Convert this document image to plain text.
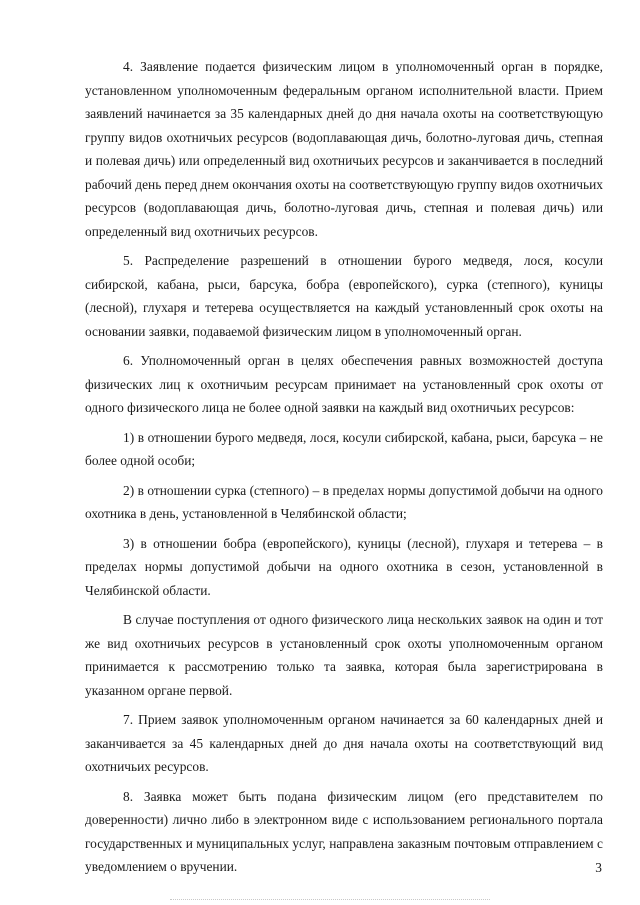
4. Заявление подается физическим лицом в уполномоченный орган в порядке, установленном уполномоченным федеральным органом исполнительной власти. Прием заявлений начинается за 35 календарных дней до дня начала охоты на соответствующую группу видов охотничьих ресурсов (водоплавающая дичь, болотно-луговая дичь, степная и полевая дичь) или определенный вид охотничьих ресурсов и заканчивается в последний рабочий день перед днем окончания охоты на соответствующую группу видов охотничьих ресурсов (водоплавающая дичь, болотно-луговая дичь, степная и полевая дичь) или определенный вид охотничьих ресурсов.

5. Распределение разрешений в отношении бурого медведя, лося, косули сибирской, кабана, рыси, барсука, бобра (европейского), сурка (степного), куницы (лесной), глухаря и тетерева осуществляется на каждый установленный срок охоты на основании заявки, подаваемой физическим лицом в уполномоченный орган.

6. Уполномоченный орган в целях обеспечения равных возможностей доступа физических лиц к охотничьим ресурсам принимает на установленный срок охоты от одного физического лица не более одной заявки на каждый вид охотничьих ресурсов:

1) в отношении бурого медведя, лося, косули сибирской, кабана, рыси, барсука – не более одной особи;

2) в отношении сурка (степного) – в пределах нормы допустимой добычи на одного охотника в день, установленной в Челябинской области;

3) в отношении бобра (европейского), куницы (лесной), глухаря и тетерева – в пределах нормы допустимой добычи на одного охотника в сезон, установленной в Челябинской области.

В случае поступления от одного физического лица нескольких заявок на один и тот же вид охотничьих ресурсов в установленный срок охоты уполномоченным органом принимается к рассмотрению только та заявка, которая была зарегистрирована в указанном органе первой.

7. Прием заявок уполномоченным органом начинается за 60 календарных дней и заканчивается за 45 календарных дней до дня начала охоты на соответствующий вид охотничьих ресурсов.

8. Заявка может быть подана физическим лицом (его представителем по доверенности) лично либо в электронном виде с использованием регионального портала государственных и муниципальных услуг, направлена заказным почтовым отправлением с уведомлением о вручении.	3
